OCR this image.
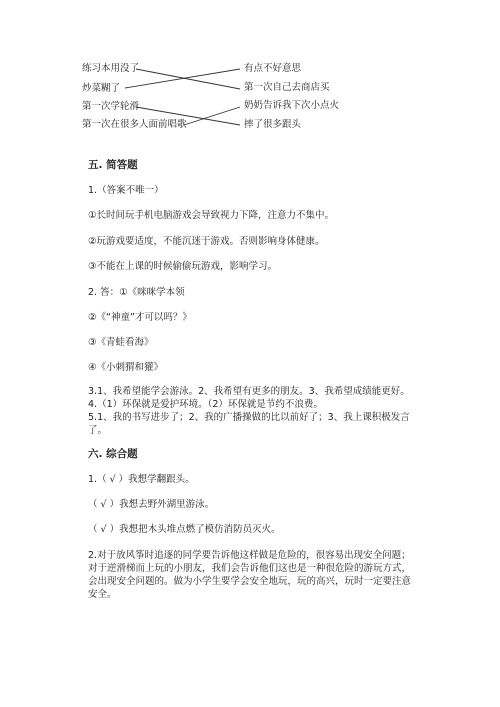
练习本用没了
炒菜糊了
第一次学轮滑
第一次在很多人面前唱歌
有点不好意思
第一次自己去商店买
奶奶告诉我下次小点火
摔了很多跟头
五. 简答题
1.（答案不唯一）
①长时间玩手机电脑游戏会导致视力下降，注意力不集中。
②玩游戏要适度，不能沉迷于游戏。否则影响身体健康。
③不能在上课的时候偷偷玩游戏，影响学习。
2. 答：①《咪咪学本领
②《“神童”才可以吗？》
③《青蛙看海》
④《小刺猬和獾》
3.1、我希望能学会游泳。2、我希望有更多的朋友。3、我希望成绩能更好。
4.（1）环保就是爱护环境。（2）环保就是节约不浪费。
5.1、我的书写进步了；2、我的广播操做的比以前好了；3、我上课积极发言了。
六. 综合题
1.（ √ ）我想学翻跟头。
（ √ ）我想去野外湖里游泳。
（ √ ）我想把木头堆点燃了模仿消防员灭火。
2.对于放风筝时追逐的同学要告诉他这样做是危险的，很容易出现安全问题；对于逆滑梯而上玩的小朋友，我们会告诉他们这也是一种很危险的游玩方式，会出现安全问题的。做为小学生要学会安全地玩，玩的高兴，玩时一定要注意安全。
